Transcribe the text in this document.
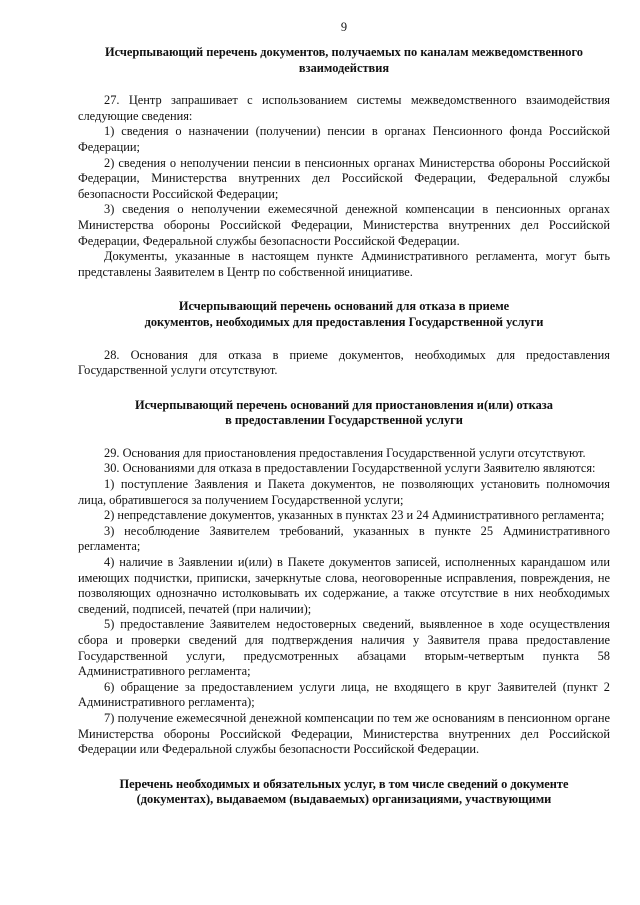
9
Исчерпывающий перечень документов, получаемых по каналам межведомственного
взаимодействия

27. Центр запрашивает с использованием системы межведомственного взаимодействия следующие сведения:

1) сведения о назначении (получении) пенсии в органах Пенсионного фонда Российской Федерации;

2) сведения о неполучении пенсии в пенсионных органах Министерства обороны Российской Федерации, Министерства внутренних дел Российской Федерации, Федеральной службы безопасности Российской Федерации;

3) сведения о неполучении ежемесячной денежной компенсации в пенсионных органах Министерства обороны Российской Федерации, Министерства внутренних дел Российской Федерации, Федеральной службы безопасности Российской Федерации.

Документы, указанные в настоящем пункте Административного регламента, могут быть представлены Заявителем в Центр по собственной инициативе.

Исчерпывающий перечень оснований для отказа в приеме
документов, необходимых для предоставления Государственной услуги

28. Основания для отказа в приеме документов, необходимых для предоставления Государственной услуги отсутствуют.

Исчерпывающий перечень оснований для приостановления и(или) отказа
в предоставлении Государственной услуги

29. Основания для приостановления предоставления Государственной услуги отсутствуют.

30. Основаниями для отказа в предоставлении Государственной услуги Заявителю являются:

1) поступление Заявления и Пакета документов, не позволяющих установить полномочия лица, обратившегося за получением Государственной услуги;

2) непредставление документов, указанных в пунктах 23 и 24 Административного регламента;

3) несоблюдение Заявителем требований, указанных в пункте 25 Административного регламента;

4) наличие в Заявлении и(или) в Пакете документов записей, исполненных карандашом или имеющих подчистки, приписки, зачеркнутые слова, неоговоренные исправления, повреждения, не позволяющих однозначно истолковывать их содержание, а также отсутствие в них необходимых сведений, подписей, печатей (при наличии);

5) предоставление Заявителем недостоверных сведений, выявленное в ходе осуществления сбора и проверки сведений для подтверждения наличия у Заявителя права предоставление Государственной услуги, предусмотренных абзацами вторым-четвертым пункта 58 Административного регламента;

6) обращение за предоставлением услуги лица, не входящего в круг Заявителей (пункт 2 Административного регламента);

7) получение ежемесячной денежной компенсации по тем же основаниям в пенсионном органе Министерства обороны Российской Федерации, Министерства внутренних дел Российской Федерации или Федеральной службы безопасности Российской Федерации.

Перечень необходимых и обязательных услуг, в том числе сведений о документе
(документах), выдаваемом (выдаваемых) организациями, участвующими
